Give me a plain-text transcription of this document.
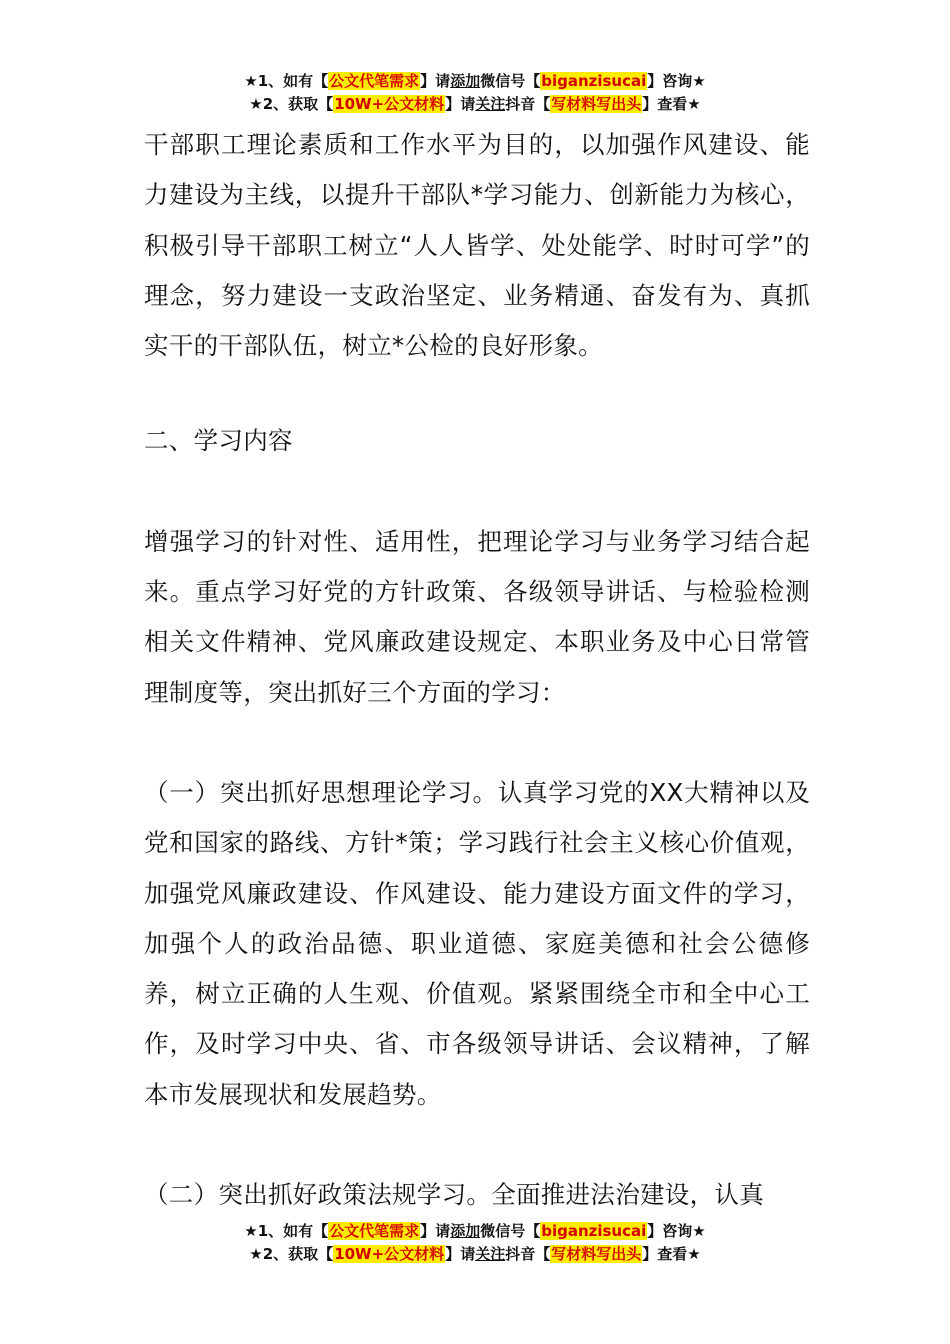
★1、如有【公文代笔需求】请添加微信号【biganzisucai】咨询★
★2、获取【10W+公文材料】请关注抖音【写材料写出头】查看★

干部职工理论素质和工作水平为目的，以加强作风建设、能力建设为主线，以提升干部队*学习能力、创新能力为核心，积极引导干部职工树立“人人皆学、处处能学、时时可学”的理念，努力建设一支政治坚定、业务精通、奋发有为、真抓实干的干部队伍，树立*公检的良好形象。

二、学习内容

增强学习的针对性、适用性，把理论学习与业务学习结合起来。重点学习好党的方针政策、各级领导讲话、与检验检测相关文件精神、党风廉政建设规定、本职业务及中心日常管理制度等，突出抓好三个方面的学习：

（一）突出抓好思想理论学习。认真学习党的XX大精神以及党和国家的路线、方针*策；学习践行社会主义核心价值观，加强党风廉政建设、作风建设、能力建设方面文件的学习，加强个人的政治品德、职业道德、家庭美德和社会公德修养，树立正确的人生观、价值观。紧紧围绕全市和全中心工作，及时学习中央、省、市各级领导讲话、会议精神，了解本市发展现状和发展趋势。

（二）突出抓好政策法规学习。全面推进法治建设，认真

★1、如有【公文代笔需求】请添加微信号【biganzisucai】咨询★
★2、获取【10W+公文材料】请关注抖音【写材料写出头】查看★
